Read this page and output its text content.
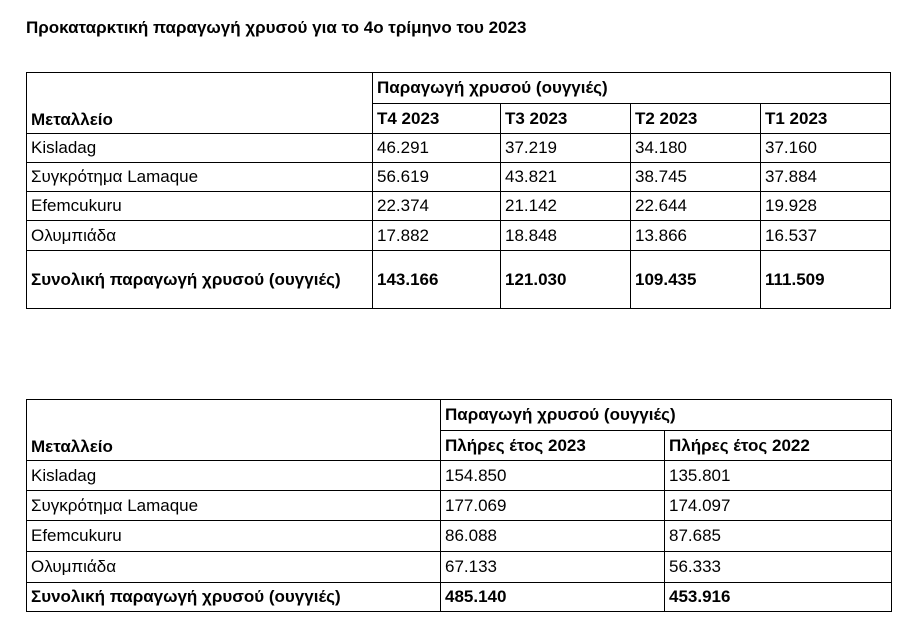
Προκαταρκτική παραγωγή χρυσού για το 4ο τρίμηνο του 2023
Μεταλλείο	Παραγωγή χρυσού (ουγγιές)			
	T4 2023	T3 2023	T2 2023	T1 2023
Kisladag	46.291	37.219	34.180	37.160
Συγκρότημα Lamaque	56.619	43.821	38.745	37.884
Efemcukuru	22.374	21.142	22.644	19.928
Ολυμπιάδα	17.882	18.848	13.866	16.537
Συνολική παραγωγή χρυσού (ουγγιές)	143.166	121.030	109.435	111.509
Μεταλλείο	Παραγωγή χρυσού (ουγγιές)	
	Πλήρες έτος 2023	Πλήρες έτος 2022
Kisladag	154.850	135.801
Συγκρότημα Lamaque	177.069	174.097
Efemcukuru	86.088	87.685
Ολυμπιάδα	67.133	56.333
Συνολική παραγωγή χρυσού (ουγγιές)	485.140	453.916
